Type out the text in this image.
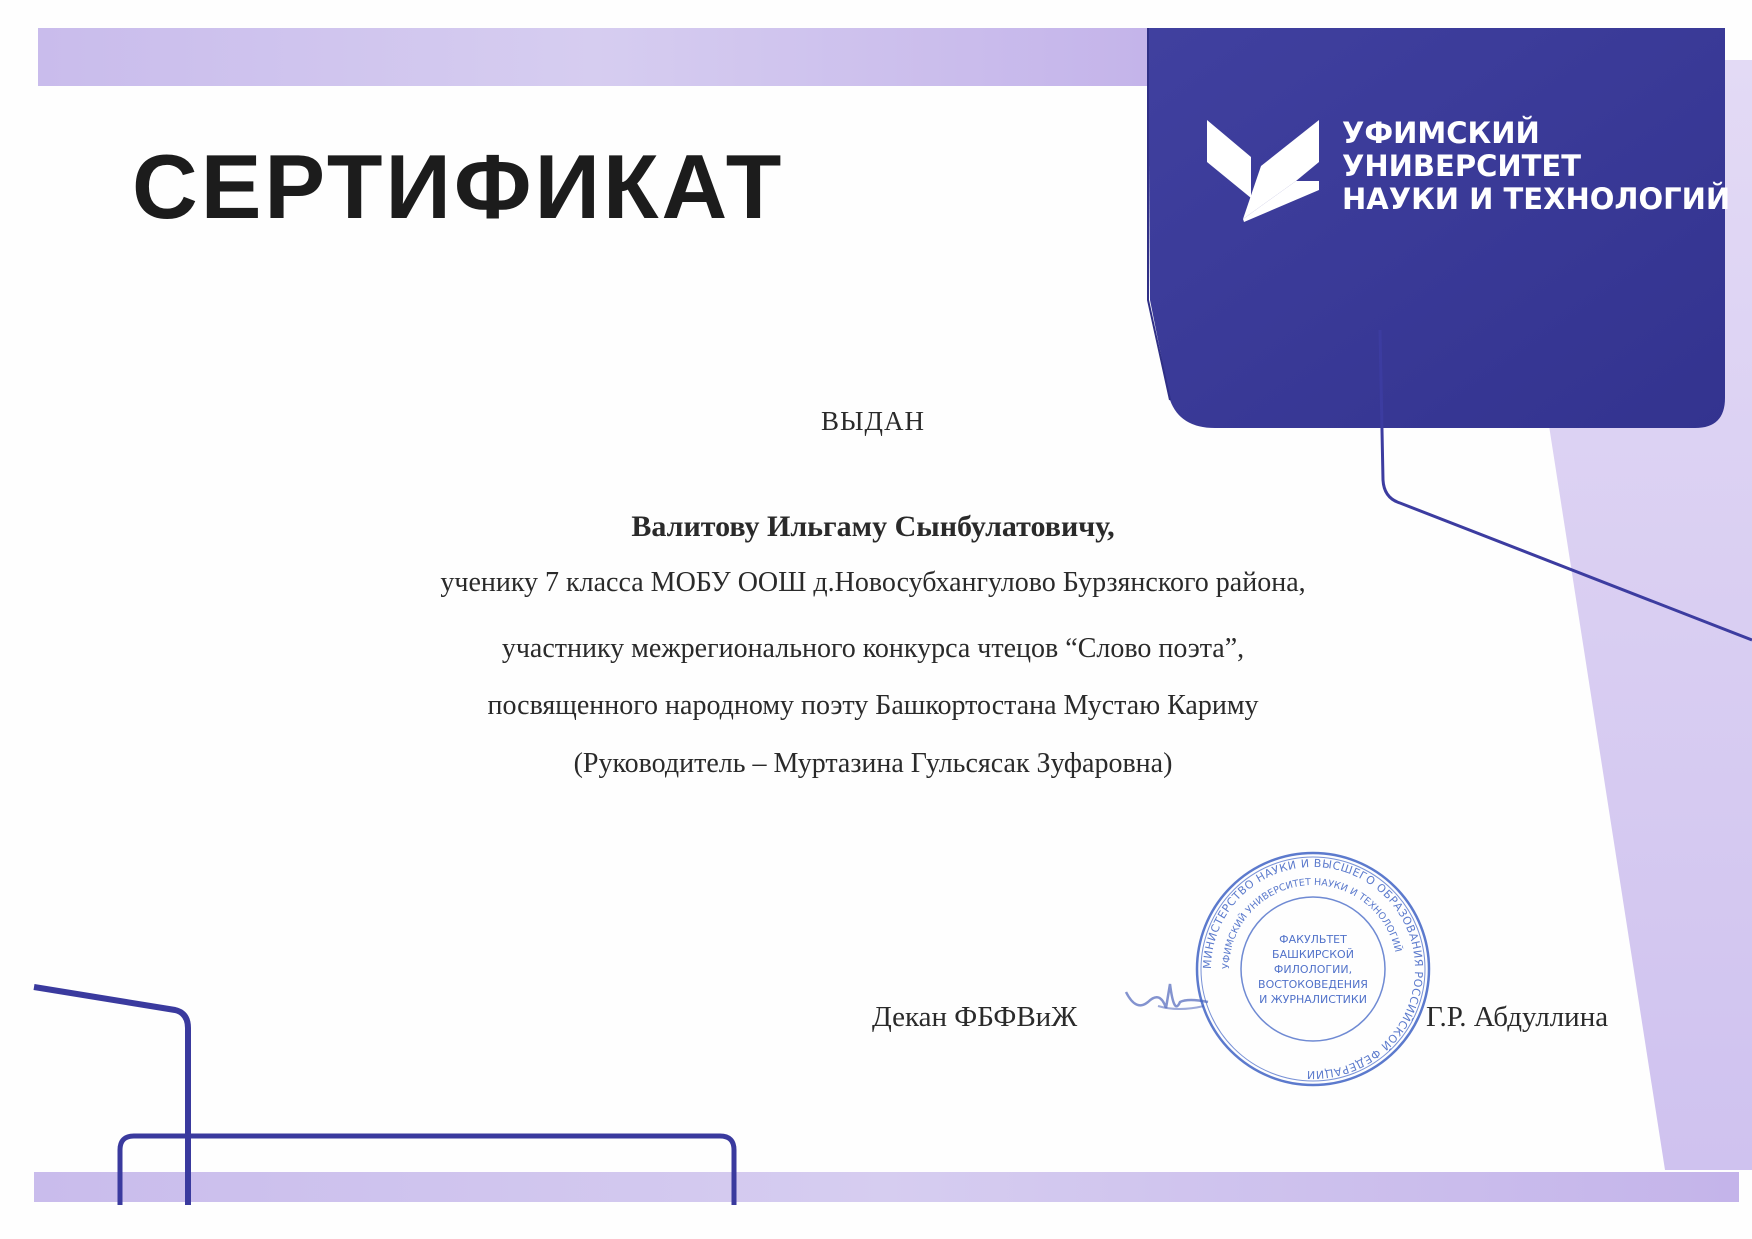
СЕРТИФИКАТ
УФИМСКИЙ
УНИВЕРСИТЕТ
НАУКИ И ТЕХНОЛОГИЙ
ВЫДАН
Валитову Ильгаму Сынбулатовичу,
ученику 7 класса МОБУ ООШ д.Новосубхангулово Бурзянского района,
участнику межрегионального конкурса чтецов “Слово поэта”,
посвященного народному поэту Башкортостана Мустаю Кариму
(Руководитель – Муртазина Гульсясак Зуфаровна)
Декан ФБФВиЖ	Г.Р. Абдуллина
МИНИСТЕРСТВО НАУКИ И ВЫСШЕГО ОБРАЗОВАНИЯ РОССИЙСКОЙ ФЕДЕРАЦИИ
УФИМСКИЙ УНИВЕРСИТЕТ НАУКИ И ТЕХНОЛОГИЙ
ФАКУЛЬТЕТ
БАШКИРСКОЙ
ФИЛОЛОГИИ,
ВОСТОКОВЕДЕНИЯ
И ЖУРНАЛИСТИКИ
